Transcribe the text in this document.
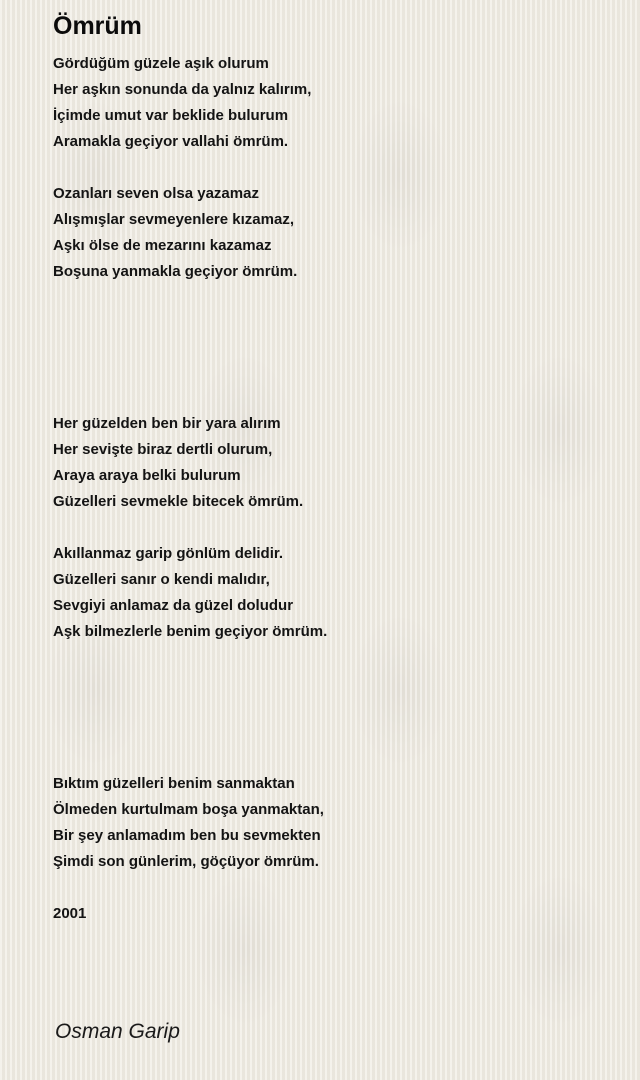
Ömrüm
Gördüğüm güzele aşık olurum
Her aşkın sonunda da yalnız kalırım,
İçimde umut var beklide bulurum
Aramakla geçiyor vallahi ömrüm.
Ozanları seven olsa yazamaz
Alışmışlar sevmeyenlere kızamaz,
Aşkı ölse de mezarını kazamaz
Boşuna yanmakla geçiyor ömrüm.
Her güzelden ben bir yara alırım
Her sevişte biraz dertli olurum,
Araya araya belki bulurum
Güzelleri sevmekle bitecek ömrüm.
Akıllanmaz garip gönlüm delidir.
Güzelleri sanır o kendi malıdır,
Sevgiyi anlamaz da güzel doludur
Aşk bilmezlerle benim geçiyor ömrüm.
Bıktım güzelleri benim sanmaktan
Ölmeden kurtulmam boşa yanmaktan,
Bir şey anlamadım ben bu sevmekten
Şimdi son günlerim, göçüyor ömrüm.
2001
Osman Garip
